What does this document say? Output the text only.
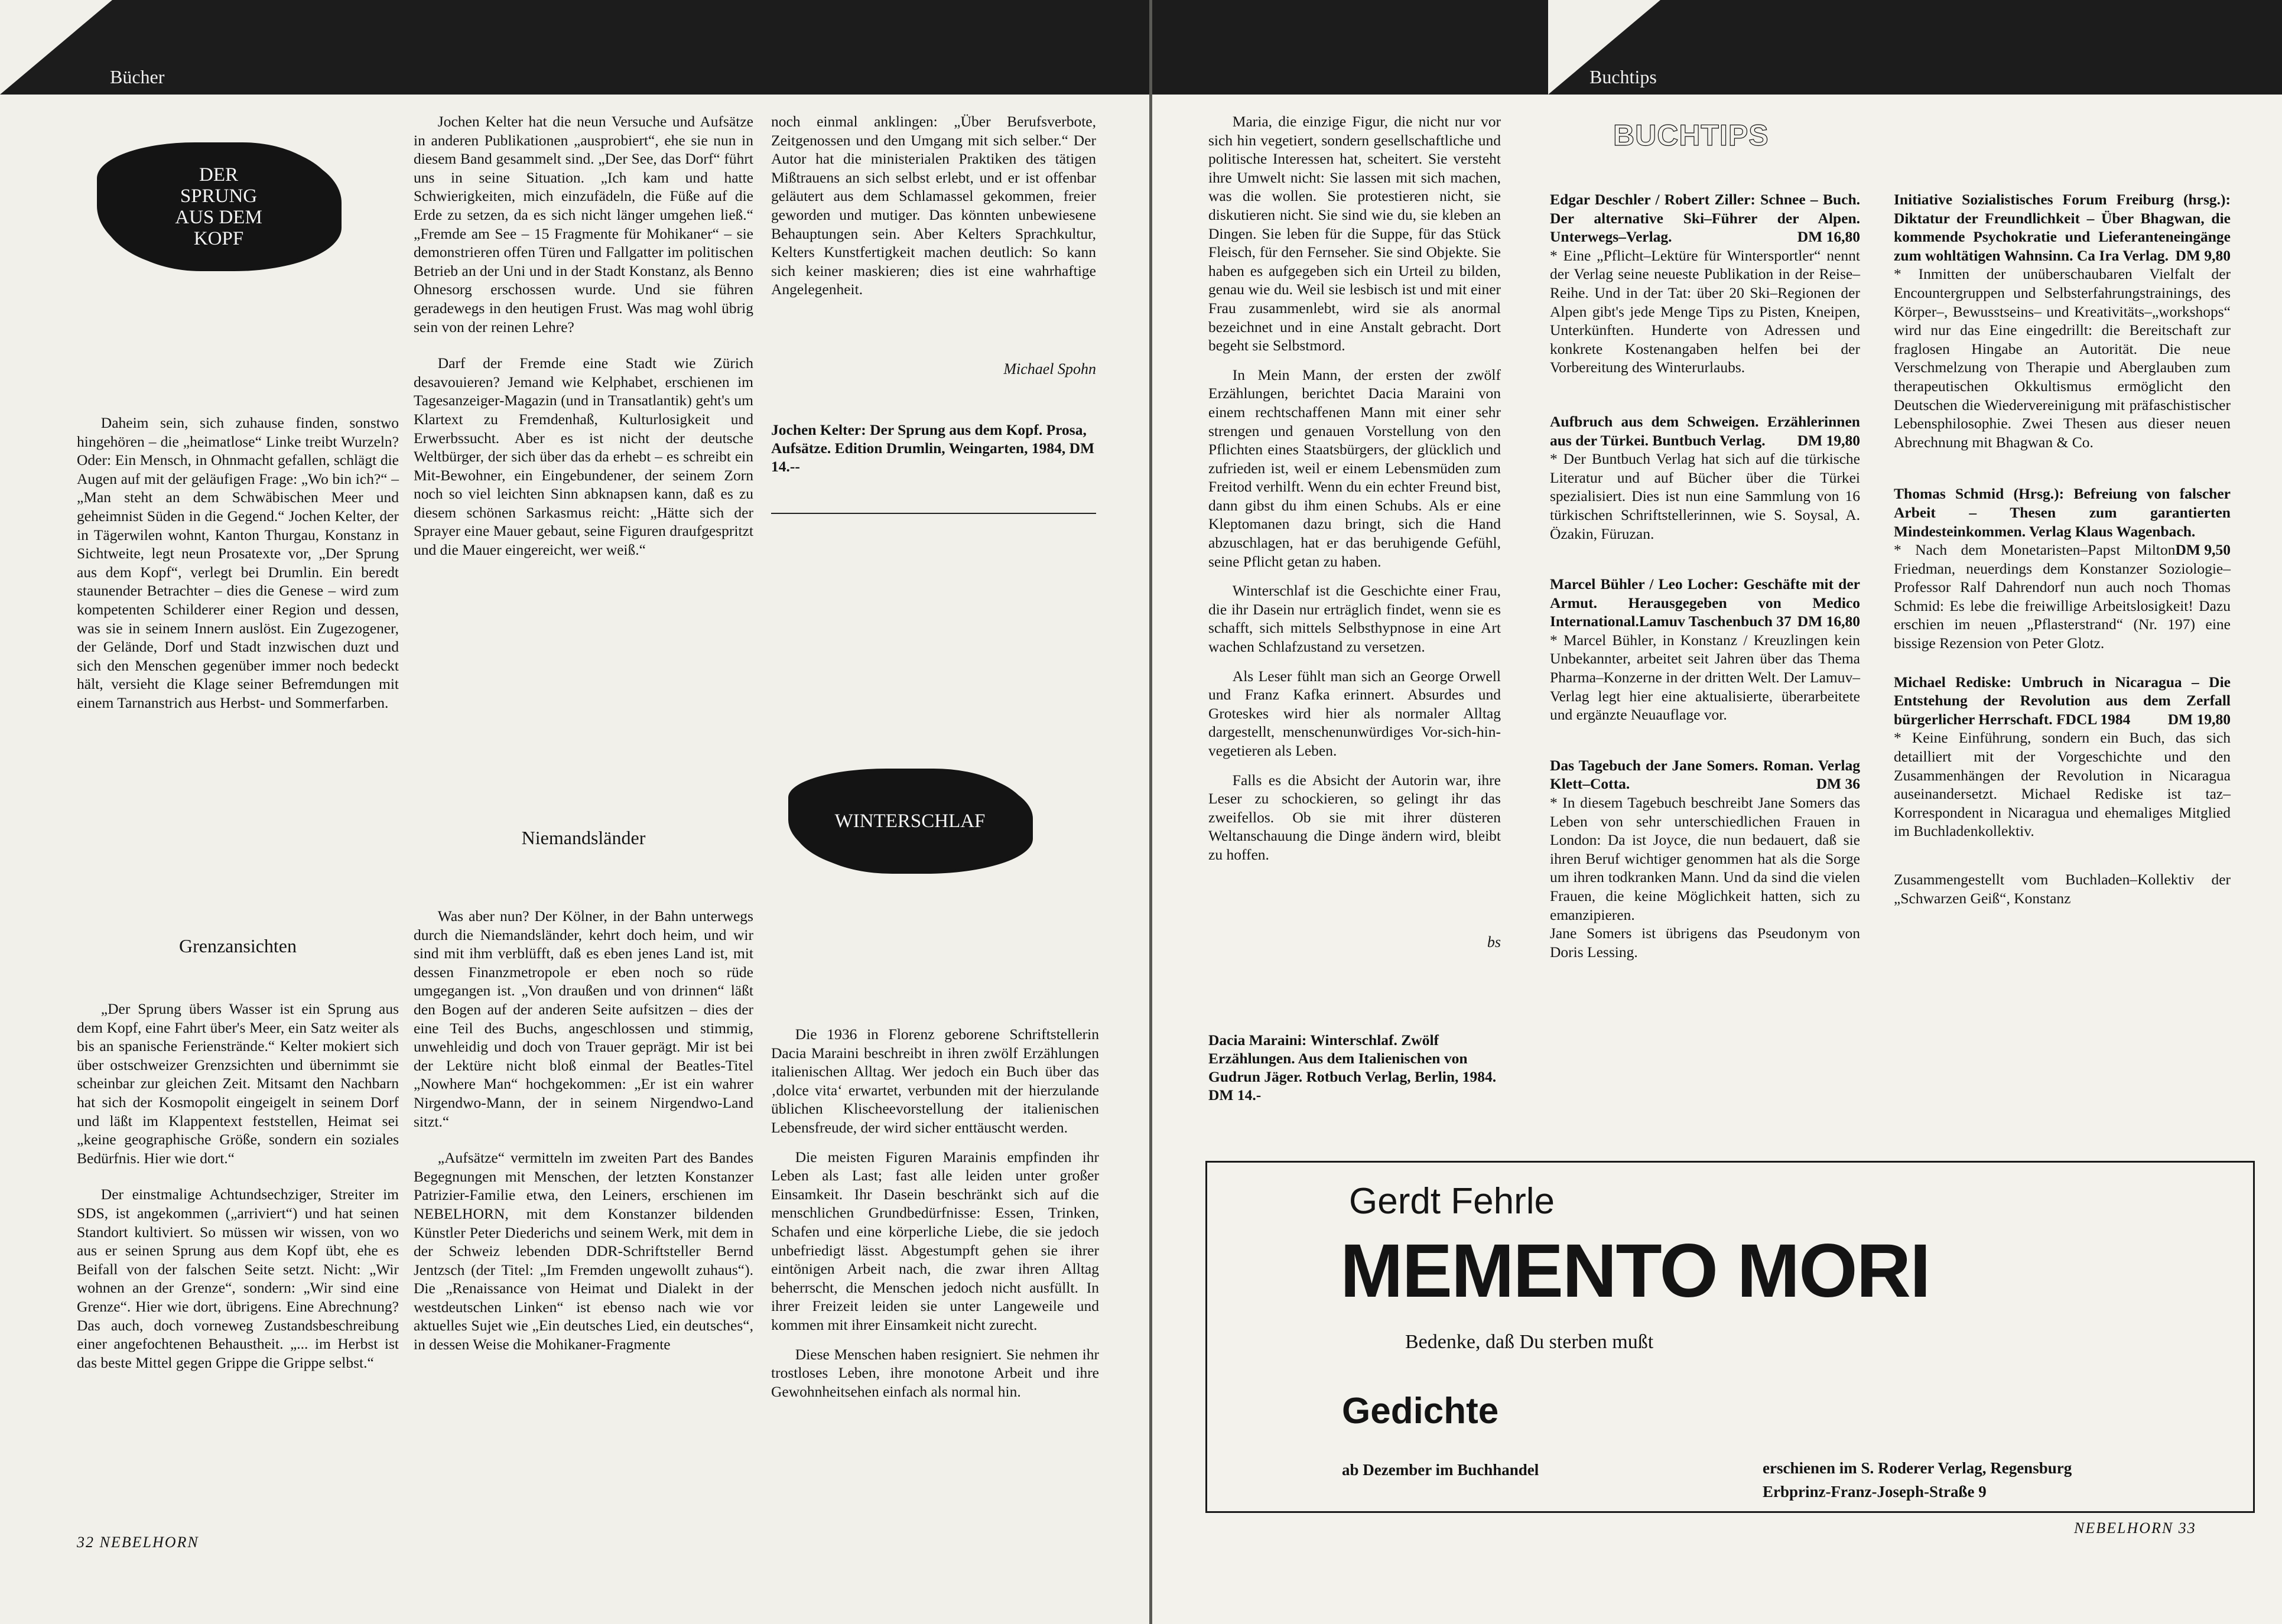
Bücher
DER SPRUNG AUS DEM KOPF

Daheim sein, sich zuhause finden, sonstwo hingehören – die „heimatlose“ Linke treibt Wurzeln? Oder: Ein Mensch, in Ohnmacht gefallen, schlägt die Augen auf mit der geläufigen Frage: „Wo bin ich?“ – „Man steht an dem Schwäbischen Meer und geheimnist Süden in die Gegend.“ Jochen Kelter, der in Tägerwilen wohnt, Kanton Thurgau, Konstanz in Sichtweite, legt neun Prosatexte vor, „Der Sprung aus dem Kopf“, verlegt bei Drumlin. Ein beredt staunender Betrachter – dies die Genese – wird zum kompetenten Schilderer einer Region und dessen, was sie in seinem Innern auslöst. Ein Zugezogener, der Gelände, Dorf und Stadt inzwischen duzt und sich den Menschen gegenüber immer noch bedeckt hält, versieht die Klage seiner Befremdungen mit einem Tarnanstrich aus Herbst- und Sommerfarben.

Grenzansichten

„Der Sprung übers Wasser ist ein Sprung aus dem Kopf, eine Fahrt über's Meer, ein Satz weiter als bis an spanische Ferienstrände.“ Kelter mokiert sich über ostschweizer Grenzsichten und übernimmt sie scheinbar zur gleichen Zeit. Mitsamt den Nachbarn hat sich der Kosmopolit eingeigelt in seinem Dorf und läßt im Klappentext feststellen, Heimat sei „keine geographische Größe, sondern ein soziales Bedürfnis. Hier wie dort.“

Der einstmalige Achtundsechziger, Streiter im SDS, ist angekommen („arriviert“) und hat seinen Standort kultiviert. So müssen wir wissen, von wo aus er seinen Sprung aus dem Kopf übt, ehe es Beifall von der falschen Seite setzt. Nicht: „Wir wohnen an der Grenze“, sondern: „Wir sind eine Grenze“. Hier wie dort, übrigens. Eine Abrechnung? Das auch, doch vorneweg Zustandsbeschreibung einer angefochtenen Behaustheit. „... im Herbst ist das beste Mittel gegen Grippe die Grippe selbst.“

Jochen Kelter hat die neun Versuche und Aufsätze in anderen Publikationen „ausprobiert“, ehe sie nun in diesem Band gesammelt sind. „Der See, das Dorf“ führt uns in seine Situation. „Ich kam und hatte Schwierigkeiten, mich einzufädeln, die Füße auf die Erde zu setzen, da es sich nicht länger umgehen ließ.“ „Fremde am See – 15 Fragmente für Mohikaner“ – sie demonstrieren offen Türen und Fallgatter im politischen Betrieb an der Uni und in der Stadt Konstanz, als Benno Ohnesorg erschossen wurde. Und sie führen geradewegs in den heutigen Frust. Was mag wohl übrig sein von der reinen Lehre?

Darf der Fremde eine Stadt wie Zürich desavouieren? Jemand wie Kelphabet, erschienen im Tagesanzeiger-Magazin (und in Transatlantik) geht's um Klartext zu Fremdenhaß, Kulturlosigkeit und Erwerbssucht. Aber es ist nicht der deutsche Weltbürger, der sich über das da erhebt – es schreibt ein Mit-Bewohner, ein Eingebundener, der seinem Zorn noch so viel leichten Sinn abknapsen kann, daß es zu diesem schönen Sarkasmus reicht: „Hätte sich der Sprayer eine Mauer gebaut, seine Figuren draufgespritzt und die Mauer eingereicht, wer weiß.“

Niemandsländer

Was aber nun? Der Kölner, in der Bahn unterwegs durch die Niemandsländer, kehrt doch heim, und wir sind mit ihm verblüfft, daß es eben jenes Land ist, mit dessen Finanzmetropole er eben noch so rüde umgegangen ist. „Von draußen und von drinnen“ läßt den Bogen auf der anderen Seite aufsitzen – dies der eine Teil des Buchs, angeschlossen und stimmig, unwehleidig und doch von Trauer geprägt. Mir ist bei der Lektüre nicht bloß einmal der Beatles-Titel „Nowhere Man“ hochgekommen: „Er ist ein wahrer Nirgendwo-Mann, der in seinem Nirgendwo-Land sitzt.“

„Aufsätze“ vermitteln im zweiten Part des Bandes Begegnungen mit Menschen, der letzten Konstanzer Patrizier-Familie etwa, den Leiners, erschienen im NEBELHORN, mit dem Konstanzer bildenden Künstler Peter Diederichs und seinem Werk, mit dem in der Schweiz lebenden DDR-Schriftsteller Bernd Jentzsch (der Titel: „Im Fremden ungewollt zuhaus“). Die „Renaissance von Heimat und Dialekt in der westdeutschen Linken“ ist ebenso nach wie vor aktuelles Sujet wie „Ein deutsches Lied, ein deutsches“, in dessen Weise die Mohikaner-Fragmente

noch einmal anklingen: „Über Berufsverbote, Zeitgenossen und den Umgang mit sich selber.“ Der Autor hat die ministerialen Praktiken des tätigen Mißtrauens an sich selbst erlebt, und er ist offenbar geläutert aus dem Schlamassel gekommen, freier geworden und mutiger. Das könnten unbewiesene Behauptungen sein. Aber Kelters Sprachkultur, Kelters Kunstfertigkeit machen deutlich: So kann sich keiner maskieren; dies ist eine wahrhaftige Angelegenheit.

Michael Spohn
Jochen Kelter: Der Sprung aus dem Kopf. Prosa, Aufsätze. Edition Drumlin, Weingarten, 1984, DM 14.--
WINTERSCHLAF

Die 1936 in Florenz geborene Schriftstellerin Dacia Maraini beschreibt in ihren zwölf Erzählungen italienischen Alltag. Wer jedoch ein Buch über das ‚dolce vita‘ erwartet, verbunden mit der hierzulande üblichen Klischeevorstellung der italienischen Lebensfreude, der wird sicher enttäuscht werden.

Die meisten Figuren Marainis empfinden ihr Leben als Last; fast alle leiden unter großer Einsamkeit. Ihr Dasein beschränkt sich auf die menschlichen Grundbedürfnisse: Essen, Trinken, Schafen und eine körperliche Liebe, die sie jedoch unbefriedigt lässt. Abgestumpft gehen sie ihrer eintönigen Arbeit nach, die zwar ihren Alltag beherrscht, die Menschen jedoch nicht ausfüllt. In ihrer Freizeit leiden sie unter Langeweile und kommen mit ihrer Einsamkeit nicht zurecht.

Diese Menschen haben resigniert. Sie nehmen ihr trostloses Leben, ihre monotone Arbeit und ihre Gewohnheitsehen einfach als normal hin.

32 NEBELHORN
Buchtips

Maria, die einzige Figur, die nicht nur vor sich hin vegetiert, sondern gesellschaftliche und politische Interessen hat, scheitert. Sie versteht ihre Umwelt nicht: Sie lassen mit sich machen, was die wollen. Sie protestieren nicht, sie diskutieren nicht. Sie sind wie du, sie kleben an Dingen. Sie leben für die Suppe, für das Stück Fleisch, für den Fernseher. Sie sind Objekte. Sie haben es aufgegeben sich ein Urteil zu bilden, genau wie du. Weil sie lesbisch ist und mit einer Frau zusammenlebt, wird sie als anormal bezeichnet und in eine Anstalt gebracht. Dort begeht sie Selbstmord.

In Mein Mann, der ersten der zwölf Erzählungen, berichtet Dacia Maraini von einem rechtschaffenen Mann mit einer sehr strengen und genauen Vorstellung von den Pflichten eines Staatsbürgers, der glücklich und zufrieden ist, weil er einem Lebensmüden zum Freitod verhilft. Wenn du ein echter Freund bist, dann gibst du ihm einen Schubs. Als er eine Kleptomanen dazu bringt, sich die Hand abzuschlagen, hat er das beruhigende Gefühl, seine Pflicht getan zu haben.

Winterschlaf ist die Geschichte einer Frau, die ihr Dasein nur erträglich findet, wenn sie es schafft, sich mittels Selbsthypnose in eine Art wachen Schlafzustand zu versetzen.

Als Leser fühlt man sich an George Orwell und Franz Kafka erinnert. Absurdes und Groteskes wird hier als normaler Alltag dargestellt, menschenunwürdiges Vor-sich-hin-vegetieren als Leben.

Falls es die Absicht der Autorin war, ihre Leser zu schockieren, so gelingt ihr das zweifellos. Ob sie mit ihrer düsteren Weltanschauung die Dinge ändern wird, bleibt zu hoffen.

bs
Dacia Maraini: Winterschlaf. Zwölf Erzählungen. Aus dem Italienischen von Gudrun Jäger. Rotbuch Verlag, Berlin, 1984. DM 14.-
BUCHTIPS
Edgar Deschler / Robert Ziller: Schnee – Buch. Der alternative Ski–Führer der Alpen. Unterwegs–Verlag.	DM 16,80

* Eine „Pflicht–Lektüre für Wintersportler“ nennt der Verlag seine neueste Publikation in der Reise–Reihe. Und in der Tat: über 20 Ski–Regionen der Alpen gibt's jede Menge Tips zu Pisten, Kneipen, Unterkünften. Hunderte von Adressen und konkrete Kostenangaben helfen bei der Vorbereitung des Winterurlaubs.

Aufbruch aus dem Schweigen. Erzählerinnen aus der Türkei. Buntbuch Verlag. DM 19,80

* Der Buntbuch Verlag hat sich auf die türkische Literatur und auf Bücher über die Türkei spezialisiert. Dies ist nun eine Sammlung von 16 türkischen Schriftstellerinnen, wie S. Soysal, A. Özakin, Füruzan.

Marcel Bühler / Leo Locher: Geschäfte mit der Armut. Herausgegeben von Medico International.Lamuv Taschenbuch 37 DM 16,80

* Marcel Bühler, in Konstanz / Kreuzlingen kein Unbekannter, arbeitet seit Jahren über das Thema Pharma–Konzerne in der dritten Welt. Der Lamuv–Verlag legt hier eine aktualisierte, überarbeitete und ergänzte Neuauflage vor.

Das Tagebuch der Jane Somers. Roman. Verlag Klett–Cotta.	DM 36

* In diesem Tagebuch beschreibt Jane Somers das Leben von sehr unterschiedlichen Frauen in London: Da ist Joyce, die nun bedauert, daß sie ihren Beruf wichtiger genommen hat als die Sorge um ihren todkranken Mann. Und da sind die vielen Frauen, die keine Möglichkeit hatten, sich zu emanzipieren.

Jane Somers ist übrigens das Pseudonym von Doris Lessing.

Initiative Sozialistisches Forum Freiburg (hrsg.): Diktatur der Freundlichkeit – Über Bhagwan, die kommende Psychokratie und Lieferanteneingänge zum wohltätigen Wahnsinn. Ca Ira Verlag. DM 9,80

* Inmitten der unüberschaubaren Vielfalt der Encountergruppen und Selbsterfahrungstrainings, des Körper–, Bewusstseins– und Kreativitäts–„workshops“ wird nur das Eine eingedrillt: die Bereitschaft zur fraglosen Hingabe an Autorität. Die neue Verschmelzung von Therapie und Aberglauben zum therapeutischen Okkultismus ermöglicht den Deutschen die Wiedervereinigung mit präfaschistischer Lebensphilosophie. Zwei Thesen aus dieser neuen Abrechnung mit Bhagwan & Co.

Thomas Schmid (Hrsg.): Befreiung von falscher Arbeit – Thesen zum garantierten Mindesteinkommen. Verlag Klaus Wagenbach.
DM 9,50

* Nach dem Monetaristen–Papst Milton Friedman, neuerdings dem Konstanzer Soziologie–Professor Ralf Dahrendorf nun auch noch Thomas Schmid: Es lebe die freiwillige Arbeitslosigkeit! Dazu erschien im neuen „Pflasterstrand“ (Nr. 197) eine bissige Rezension von Peter Glotz.

Michael Rediske: Umbruch in Nicaragua – Die Entstehung der Revolution aus dem Zerfall bürgerlicher Herrschaft. FDCL 1984 DM 19,80

* Keine Einführung, sondern ein Buch, das sich detailliert mit der Vorgeschichte und den Zusammenhängen der Revolution in Nicaragua auseinandersetzt. Michael Rediske ist taz–Korrespondent in Nicaragua und ehemaliges Mitglied im Buchladenkollektiv.

Zusammengestellt vom Buchladen–Kollektiv der „Schwarzen Geiß“, Konstanz

Gerdt Fehrle
MEMENTO MORI
Bedenke, daß Du sterben mußt
Gedichte
ab Dezember im Buchhandel	erschienen im S. Roderer Verlag, Regensburg
Erbprinz-Franz-Joseph-Straße 9
NEBELHORN 33
